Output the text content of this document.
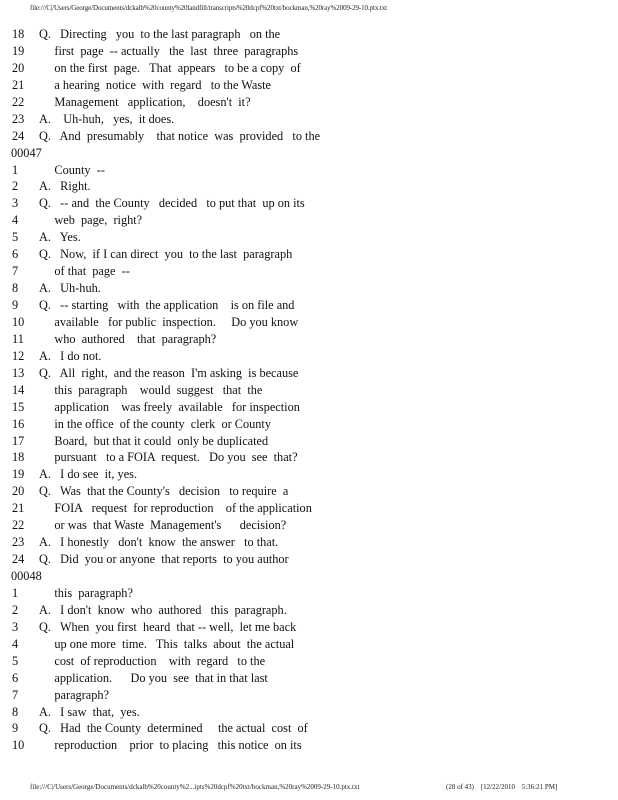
file:///C|/Users/George/Documents/dckalb%20county%20landfill/transcripts%20dcpf%20txt/bockman,%20ray%2009-29-10.ptx.txt
18	Q.   Directing   you  to the last paragraph   on the
19	first  page  -- actually   the  last  three  paragraphs
20	on the first  page.   That  appears   to be a copy  of
21	a hearing  notice  with  regard   to the Waste
22	Management   application,    doesn't  it?
23	A.    Uh-huh,   yes,  it does.
24	Q.   And  presumably    that notice  was  provided   to the
00047
1	County  --
2	A.   Right.
3	Q.   -- and  the County   decided   to put that  up on its
4	web  page,  right?
5	A.   Yes.
6	Q.   Now,  if I can direct  you  to the last  paragraph
7	of that  page  --
8	A.   Uh-huh.
9	Q.   -- starting   with  the application    is on file and
10	available   for public  inspection.     Do you know
11	who  authored    that  paragraph?
12	A.   I do not.
13	Q.   All  right,  and the reason  I'm asking  is because
14	this  paragraph    would  suggest   that  the
15	application    was freely  available   for inspection
16	in the office  of the county  clerk  or County
17	Board,  but that it could  only be duplicated
18	pursuant   to a FOIA  request.   Do you  see  that?
19	A.   I do see  it, yes.
20	Q.   Was  that the County's   decision   to require  a
21	FOIA   request  for reproduction    of the application
22	or was  that Waste  Management's      decision?
23	A.   I honestly   don't  know  the answer   to that.
24	Q.   Did  you or anyone  that reports  to you author
00048
1	this  paragraph?
2	A.   I don't  know  who  authored   this  paragraph.
3	Q.   When  you first  heard  that -- well,  let me back
4	up one more  time.   This  talks  about  the actual
5	cost  of reproduction    with  regard   to the
6	application.      Do you  see  that in that last
7	paragraph?
8	A.   I saw  that,  yes.
9	Q.   Had  the County  determined     the actual  cost  of
10	reproduction    prior  to placing   this notice  on its
file:///C|/Users/George/Documents/dckalb%20county%2...ipts%20dcpf%20txt/bockman,%20ray%2009-29-10.ptx.txt	(28 of 43) [12/22/2010 5:36:21 PM]
